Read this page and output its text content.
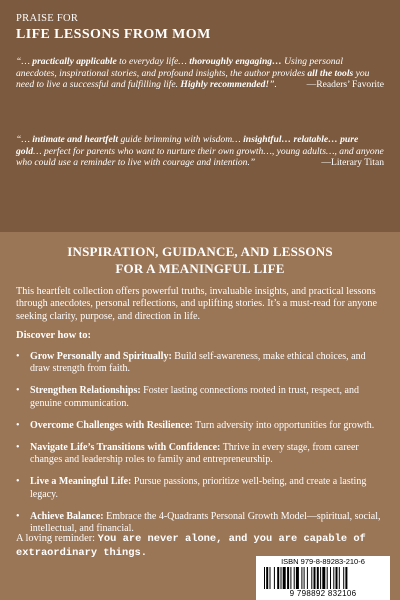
PRAISE FOR
LIFE LESSONS FROM MOM
“… practically applicable to everyday life… thoroughly engaging… Using personal anecdotes, inspirational stories, and profound insights, the author provides all the tools you need to live a successful and fulfilling life. Highly recommended!”.	—Readers’ Favorite
“… intimate and heartfelt guide brimming with wisdom… insightful… relatable… pure gold… perfect for parents who want to nurture their own growth…, young adults…, and anyone who could use a reminder to live with courage and intention.”	—Literary Titan
INSPIRATION, GUIDANCE, AND LESSONS
FOR A MEANINGFUL LIFE
This heartfelt collection offers powerful truths, invaluable insights, and practical lessons through anecdotes, personal reflections, and uplifting stories. It’s a must-read for anyone seeking clarity, purpose, and direction in life.
Discover how to:
• Grow Personally and Spiritually: Build self-awareness, make ethical choices, and draw strength from faith.
• Strengthen Relationships: Foster lasting connections rooted in trust, respect, and genuine communication.
• Overcome Challenges with Resilience: Turn adversity into opportunities for growth.
• Navigate Life’s Transitions with Confidence: Thrive in every stage, from career changes and leadership roles to family and entrepreneurship.
• Live a Meaningful Life: Pursue passions, prioritize well-being, and create a lasting legacy.
• Achieve Balance: Embrace the 4-Quadrants Personal Growth Model—spiritual, social, intellectual, and financial.
A loving reminder: You are never alone, and you are capable of
extraordinary things.
ISBN 979-8-89283-210-6
9 798892 832106
